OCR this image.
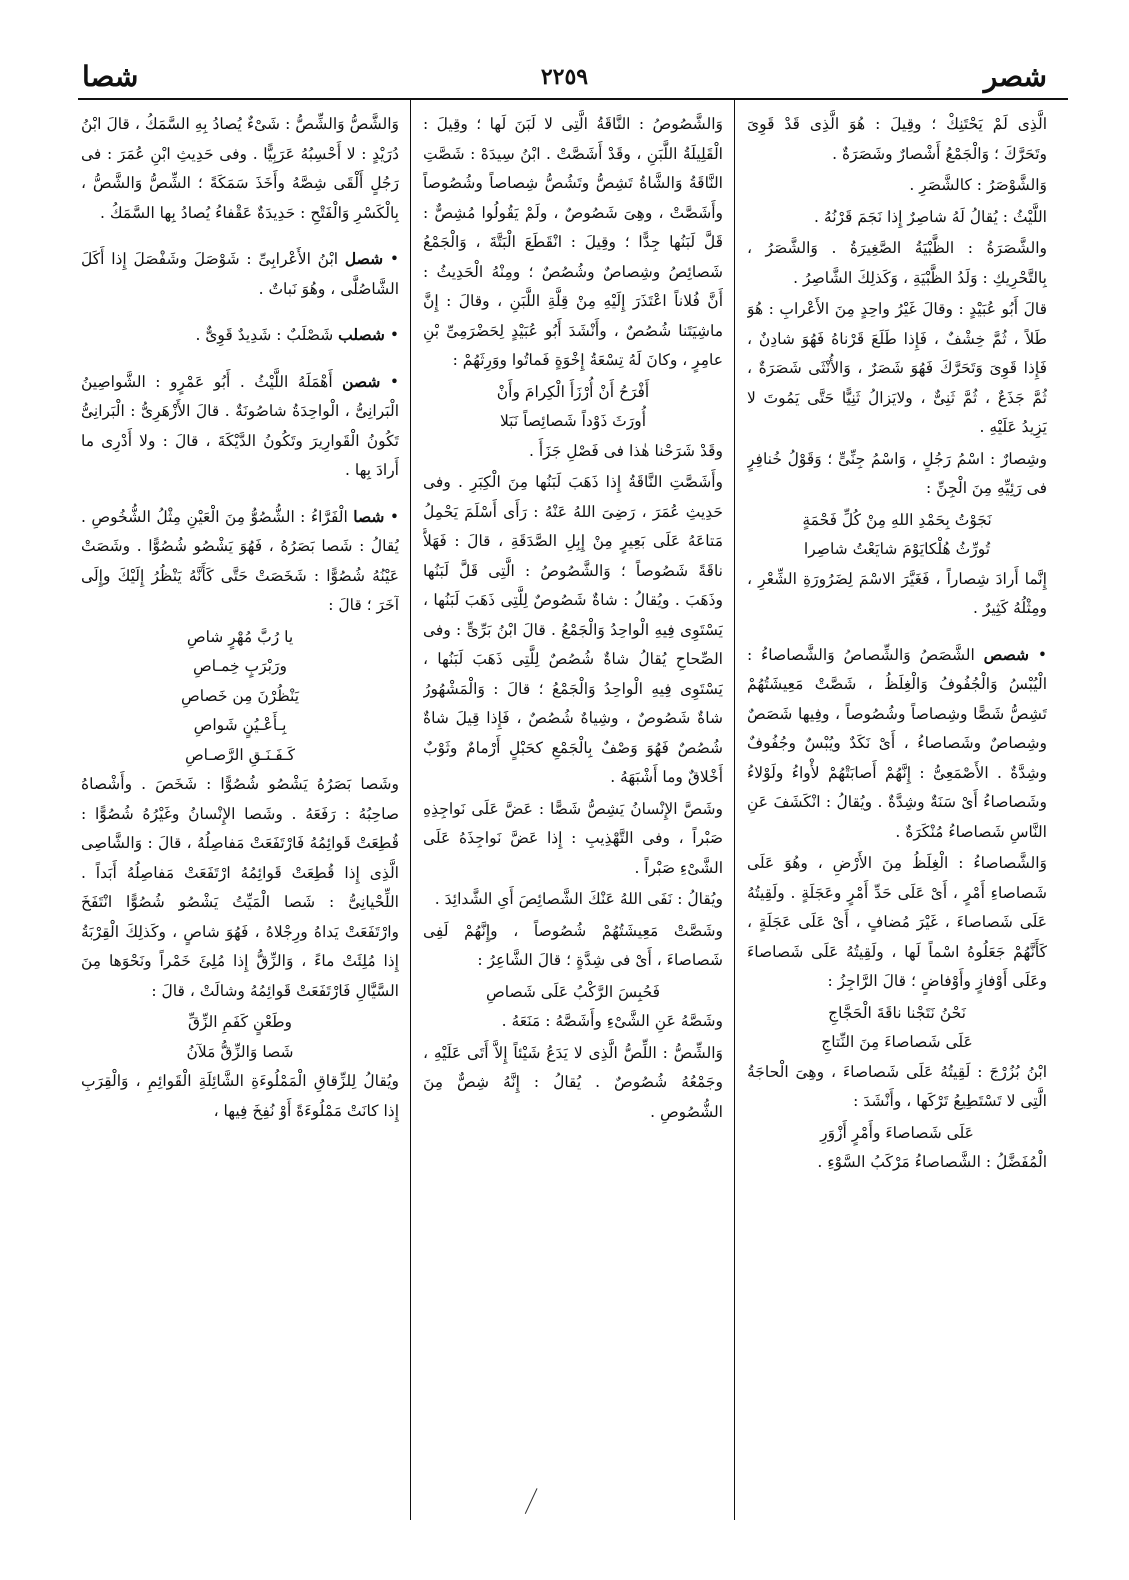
شصر
٢٢٥٩
شصا

الَّذِى لَمْ يَحْتَنِكْ ؛ وقِيلَ : هُوَ الَّذِى قَدْ قَوِىَ وتَحَرَّكَ ؛ وَالْجَمْعُ أَشْصارٌ وشَصَرَةٌ .

وَالشَّوْصَرُ : كالشَّصَرِ .

اللَّيْثُ : يُقالُ لَهُ شاصِرٌ إِذا نَجَمَ قَرْنُهُ .

والشَّصَرَةُ : الظَّبْيَةُ الصَّغِيرَةُ . وَالشَّصَرُ ، بِالتَّحْرِيكِ : وَلَدُ الظَّبْيَةِ ، وَكَذلِكَ الشَّاصِرُ .

قالَ أَبُو عُبَيْدٍ : وقالَ غَيْرُ واحِدٍ مِنَ الأَعْرابِ : هُوَ طَلاً ، ثُمَّ خِشْفٌ ، فَإِذا طَلَعَ قَرْناهُ فَهُوَ شادِنٌ ، فَإِذا قَوِىَ وَتَحَرَّكَ فَهُوَ شَصَرٌ ، وَالأُنْثَى شَصَرَةٌ ، ثُمَّ جَذَعٌ ، ثُمَّ ثَنِىٌّ ، ولايَزالُ ثَنِيًّا حَتَّى يَمُوتَ لا يَزِيدُ عَلَيْهِ .

وشِصارٌ : اسْمُ رَجُلٍ ، وَاسْمُ جِنِّىٍّ ؛ وَقَوْلُ خُنافِرٍ فى رَئِيِّهِ مِنَ الْجِنِّ :

نَجَوْتُ بِحَمْدِ اللهِ مِنْ كُلِّ فَحْمَةٍ

تُورِّثُ هُلْكايَوْمَ شايَعْتُ شاصِرا

إِنَّما أَرادَ شِصاراً ، فَغَيَّرَ الاسْمَ لِضَرُورَةِ الشِّعْرِ ، ومِثْلُهُ كَثِيرٌ .

• شصص الشَّصَصُ وَالشِّصاصُ وَالشَّصاصاءُ : الْيُبْسُ وَالْجُفُوفُ وَالْغِلَظُ ، شَصَّتْ مَعِيشَتُهُمْ تَشِصُّ شَصًّا وشِصاصاً وشُصُوصاً ، وفِيها شَصَصٌ وشِصاصٌ وشَصاصاءُ ، أَىْ نَكَدٌ ويُبْسٌ وجُفُوفٌ وشِدَّةٌ . الأَصْمَعِىُّ : إِنَّهُمْ أَصابَتْهُمْ لأْواءُ ولَوْلاءُ وشَصاصاءُ أَىْ سَنَةٌ وشِدَّةٌ . ويُقالُ : انْكَشَفَ عَنِ النَّاسِ شَصاصاءُ مُنْكَرَةٌ .

وَالشَّصاصاءُ : الْغِلَظُ مِنَ الأَرْضِ ، وهُوَ عَلَى شَصاصاءِ أَمْرٍ ، أَىْ عَلَى حَدِّ أَمْرٍ وعَجَلَةٍ . ولَقِيتُهُ عَلَى شَصاصاءَ ، غَيْرَ مُضافٍ ، أَىْ عَلَى عَجَلَةٍ ، كَأَنَّهُمْ جَعَلُوهُ اسْماً لَها ، ولَقِيتُهُ عَلَى شَصاصاءَ وعَلَى أَوْفازٍ وأَوْفاضٍ ؛ قالَ الرَّاجِزُ :

نَحْنُ نَتَجْنا ناقَةَ الْحَجَّاجِ

عَلَى شَصاصاءَ مِنَ النِّتاجِ

ابْنُ بُزُرْجَ : لَقِيتُهُ عَلَى شَصاصاءَ ، وهِىَ الْحاجَةُ الَّتِى لا تَسْتَطِيعُ تَرْكَها ، وأَنْشَدَ :

عَلَى شَصاصاءَ وأَمْرٍ أَزْوَرِ

الْمُفَضَّلُ : الشَّصاصاءُ مَرْكَبُ السَّوْءِ .

وَالشَّصُوصُ : النَّاقَةُ الَّتِى لا لَبَنَ لَها ؛ وقِيلَ : الْقَلِيلَةُ اللَّبَنِ ، وقَدْ أَشَصَّتْ . ابْنُ سِيدَهْ : شَصَّتِ النَّاقَةُ وَالشَّاةُ تَشِصُّ وتَشُصُّ شِصاصاً وشُصُوصاً وأَشَصَّتْ ، وهِىَ شَصُوصٌ ، ولَمْ يَقُولُوا مُشِصٌّ : قَلَّ لَبَنُها جِدًّا ؛ وقِيلَ : انْقَطَعَ الْبَتَّةَ ، وَالْجَمْعُ شَصائِصُ وشِصاصٌ وشُصُصٌ ؛ ومِنْهُ الْحَدِيثُ : أَنَّ فُلاناً اعْتَذَرَ إِلَيْهِ مِنْ قِلَّةِ اللَّبَنِ ، وقالَ : إِنَّ ماشِيَتَنا شُصُصٌ ، وأَنْشَدَ أَبُو عُبَيْدٍ لِحَضْرَمِىِّ بْنِ عامِرٍ ، وكانَ لَهُ تِسْعَةُ إِخْوَةٍ فَماتُوا ووَرِثَهُمْ :

أَفْرَحُ أَنْ أُرْزَأَ الْكِرامَ وأَنْ

أُورَثَ ذَوْداً شَصائِصاً نَبَلا

وقَدْ شَرَحْنا هٰذا فى فَصْلِ جَزَأَ .

وأَشَصَّتِ النَّاقَةُ إِذا ذَهَبَ لَبَنُها مِنَ الْكِبَرِ . وفى حَدِيثِ عُمَرَ ، رَضِىَ اللهُ عَنْهُ : رَأَى أَسْلَمَ يَحْمِلُ مَتاعَهُ عَلَى بَعِيرٍ مِنْ إِبِلِ الصَّدَقَةِ ، قالَ : فَهَلاَّ ناقَةً شَصُوصاً ؛ وَالشَّصُوصُ : الَّتِى قَلَّ لَبَنُها وذَهَبَ . ويُقالُ : شاةٌ شَصُوصٌ لِلَّتِى ذَهَبَ لَبَنُها ، يَسْتَوِى فِيهِ الْواحِدُ وَالْجَمْعُ . قالَ ابْنُ بَرِّىٍّ : وفى الصِّحاحِ يُقالُ شاةٌ شُصُصٌ لِلَّتِى ذَهَبَ لَبَنُها ، يَسْتَوِى فِيهِ الْواحِدُ وَالْجَمْعُ ؛ قالَ : وَالْمَشْهُورُ شاةٌ شَصُوصٌ ، وشِياهٌ شُصُصٌ ، فَإِذا قِيلَ شاةٌ شُصُصٌ فَهُوَ وَصْفٌ بِالْجَمْعِ كحَبْلٍ أَرْمامٌ وثَوْبٌ أَخْلاقٌ وما أَشْبَهَهُ .

وشَصَّ الإِنْسانُ يَشِصُّ شَصًّا : عَضَّ عَلَى نَواجِذِهِ صَبْراً ، وفى التَّهْذِيبِ : إِذا عَضَّ نَواجِذَهُ عَلَى الشَّىْءِ صَبْراً .

ويُقالُ : نَفَى اللهُ عَنْكَ الشَّصائِصَ أَىِ الشَّدائِدَ .

وشَصَّتْ مَعِيشَتُهُمْ شُصُوصاً ، وإِنَّهُمْ لَفِى شَصاصاءَ ، أَىْ فى شِدَّةٍ ؛ قالَ الشَّاعِرُ :

فَحُبِسَ الرَّكْبُ عَلَى شَصاصِ

وشَصَّهُ عَنِ الشَّىْءِ وأَشَصَّهُ : مَنَعَهُ .

وَالشِّصُّ : اللِّصُّ الَّذِى لا يَدَعُ شَيْئاً إِلاَّ أَتَى عَلَيْهِ ، وجَمْعُهُ شُصُوصٌ . يُقالُ : إِنَّهُ شِصٌّ مِنَ الشُّصُوصِ .

وَالشَّصُّ وَالشِّصُّ : شَىْءٌ يُصادُ بِهِ السَّمَكُ ، قالَ ابْنُ دُرَيْدٍ : لا أَحْسِبُهُ عَرَبِيًّا . وفى حَدِيثِ ابْنِ عُمَرَ : فى رَجُلٍ أَلْقَى شِصَّهُ وأَخَذَ سَمَكَةً ؛ الشِّصُّ وَالشَّصُّ ، بِالْكَسْرِ وَالْفَتْحِ : حَدِيدَةٌ عَقْفاءُ يُصادُ بِها السَّمَكُ .

• شصل ابْنُ الأَعْرابِىِّ : شَوْصَلَ وشَفْصَلَ إِذا أَكَلَ الشَّاصُلَّى ، وهُوَ نَباتٌ .

• شصلب شَصْلَبٌ : شَدِيدٌ قَوِىٌّ .

• شصن أَهْمَلَهُ اللَّيْثُ . أَبُو عَمْرٍو : الشَّواصِينُ الْبَرانِىُّ ، الْواحِدَةُ شاصُونَةٌ . قالَ الأَزْهَرِىُّ : الْبَرانِىُّ تَكُونُ الْقَوارِيرَ وتَكُونُ الدَّيْكَةَ ، قالَ : ولا أَدْرِى ما أَرادَ بِها .

• شصا الْفَرَّاءُ : الشُّصُوُّ مِنَ الْعَيْنِ مِثْلُ الشُّخُوصِ . يُقالُ : شَصا بَصَرُهُ ، فَهُوَ يَشْصُو شُصُوًّا . وشَصَتْ عَيْنُهُ شُصُوًّا : شَخَصَتْ حَتَّى كَأَنَّهُ يَنْظُرُ إِلَيْكَ وإِلَى آخَرَ ؛ قالَ :

يا رُبَّ مُهْرٍ شاصِ

ورَبْرَبٍ خِمـاصِ

يَنْظُرْنَ مِن خَصاصِ

بِـأَعْـيُنٍ شَواصِ

كَـفَـنَـقِ الرَّصـاصِ

وشَصا بَصَرُهُ يَشْصُو شُصُوًّا : شَخَصَ . وأَشْصاهُ صاحِبُهُ : رَفَعَهُ . وشَصا الإِنْسانُ وغَيْرُهُ شُصُوًّا : قُطِعَتْ قَوائِمُهُ فَارْتَفَعَتْ مَفاصِلُهُ ، قالَ : وَالشَّاصِى الَّذِى إِذا قُطِعَتْ قَوائِمُهُ ارْتَفَعَتْ مَفاصِلُهُ أَبَداً . اللِّحْيانِىُّ : شَصا الْمَيِّتُ يَشْصُو شُصُوًّا انْتَفَخَ وارْتَفَعَتْ يَداهُ ورِجْلاهُ ، فَهُوَ شاصٍ ، وكَذلِكَ الْقِرْبَةُ إِذا مُلِئَتْ ماءً ، وَالزِّقُّ إِذا مُلِئَ خَمْراً ونَحْوَها مِنَ السَّيَّالِ فَارْتَفَعَتْ قَوائِمُهُ وشالَتْ ، قالَ :

وطَعْنٍ كَفَمِ الزِّقِّ

شَصا وَالزِّقُّ مَلآنُ

ويُقالُ لِلزِّقاقِ الْمَمْلُوءَةِ الشَّائِلَةِ الْقَوائِمِ ، وَالْقِرَبِ إِذا كانَتْ مَمْلُوءَةً أَوْ نُفِخَ فِيها ،
